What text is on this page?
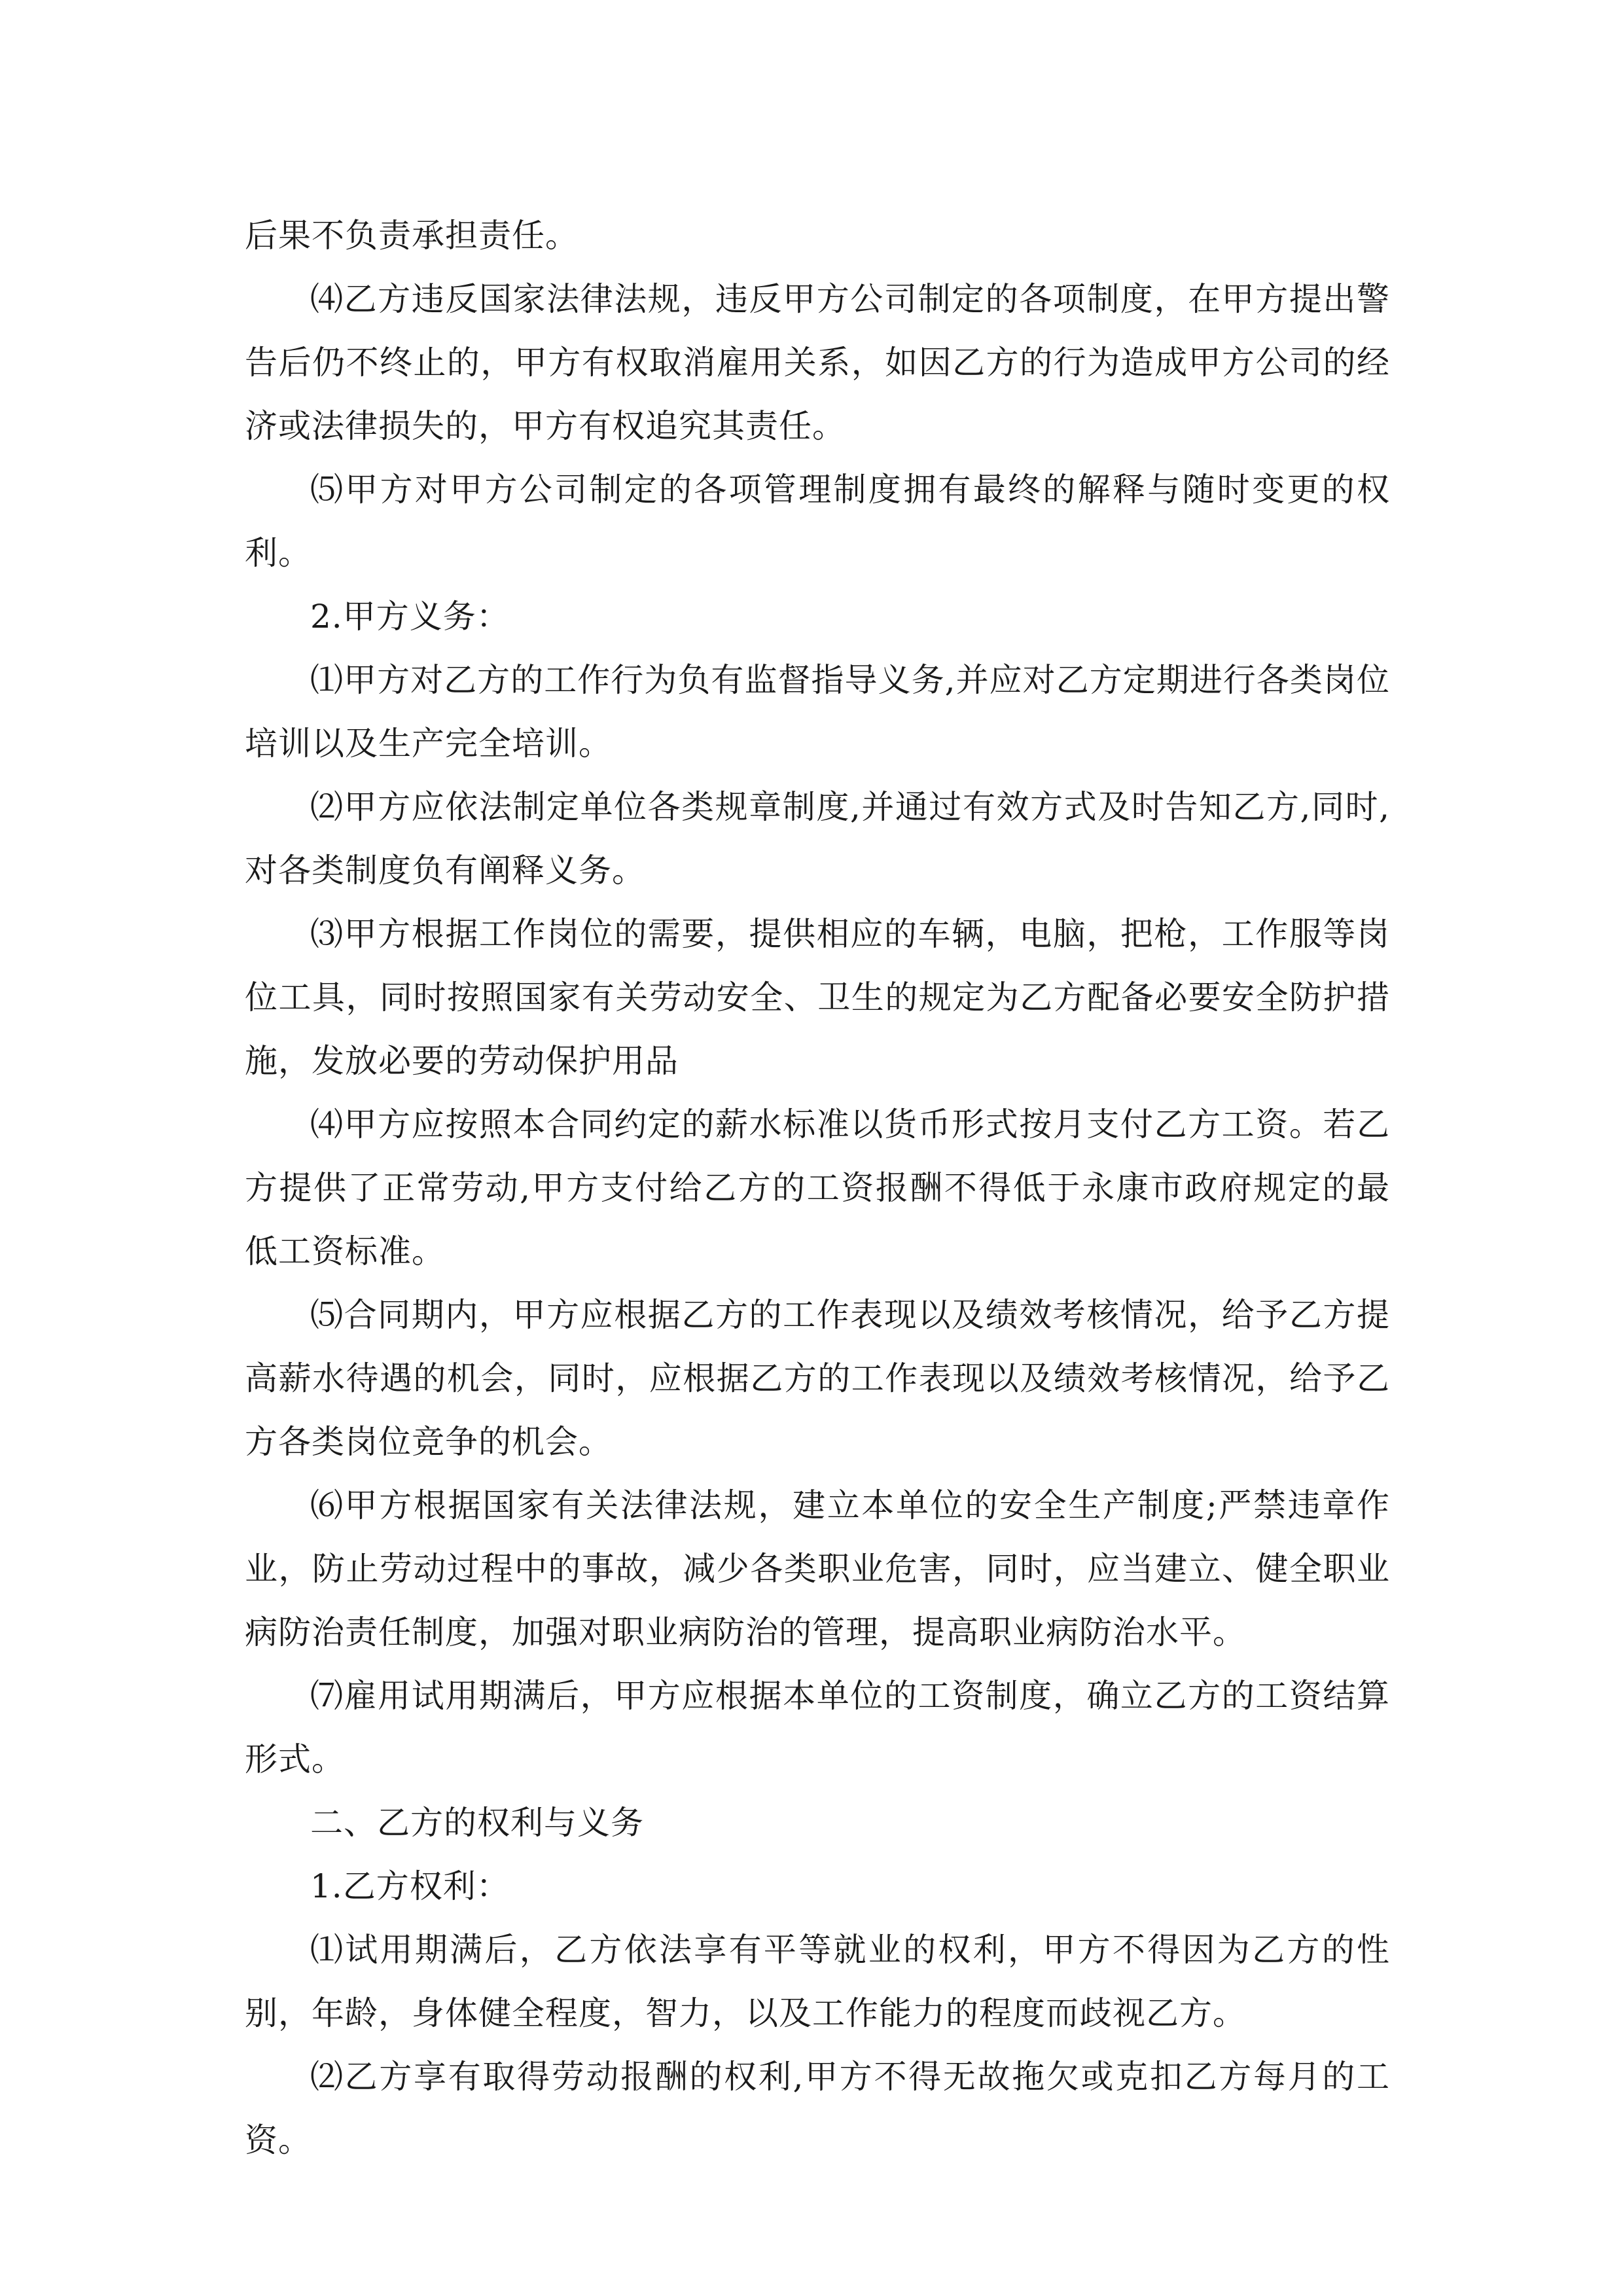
后果不负责承担责任。

⑷乙方违反国家法律法规，违反甲方公司制定的各项制度，在甲方提出警告后仍不终止的，甲方有权取消雇用关系，如因乙方的行为造成甲方公司的经济或法律损失的，甲方有权追究其责任。

⑸甲方对甲方公司制定的各项管理制度拥有最终的解释与随时变更的权利。

2.甲方义务：

⑴甲方对乙方的工作行为负有监督指导义务,并应对乙方定期进行各类岗位培训以及生产完全培训。

⑵甲方应依法制定单位各类规章制度,并通过有效方式及时告知乙方,同时,对各类制度负有阐释义务。

⑶甲方根据工作岗位的需要，提供相应的车辆，电脑，把枪，工作服等岗位工具，同时按照国家有关劳动安全、卫生的规定为乙方配备必要安全防护措施，发放必要的劳动保护用品

⑷甲方应按照本合同约定的薪水标准以货币形式按月支付乙方工资。若乙方提供了正常劳动,甲方支付给乙方的工资报酬不得低于永康市政府规定的最低工资标准。

⑸合同期内，甲方应根据乙方的工作表现以及绩效考核情况，给予乙方提高薪水待遇的机会，同时，应根据乙方的工作表现以及绩效考核情况，给予乙方各类岗位竞争的机会。

⑹甲方根据国家有关法律法规，建立本单位的安全生产制度;严禁违章作业，防止劳动过程中的事故，减少各类职业危害，同时，应当建立、健全职业病防治责任制度，加强对职业病防治的管理，提高职业病防治水平。

⑺雇用试用期满后，甲方应根据本单位的工资制度，确立乙方的工资结算形式。

二、乙方的权利与义务

1.乙方权利：

⑴试用期满后，乙方依法享有平等就业的权利，甲方不得因为乙方的性别，年龄，身体健全程度，智力，以及工作能力的程度而歧视乙方。

⑵乙方享有取得劳动报酬的权利,甲方不得无故拖欠或克扣乙方每月的工资。
